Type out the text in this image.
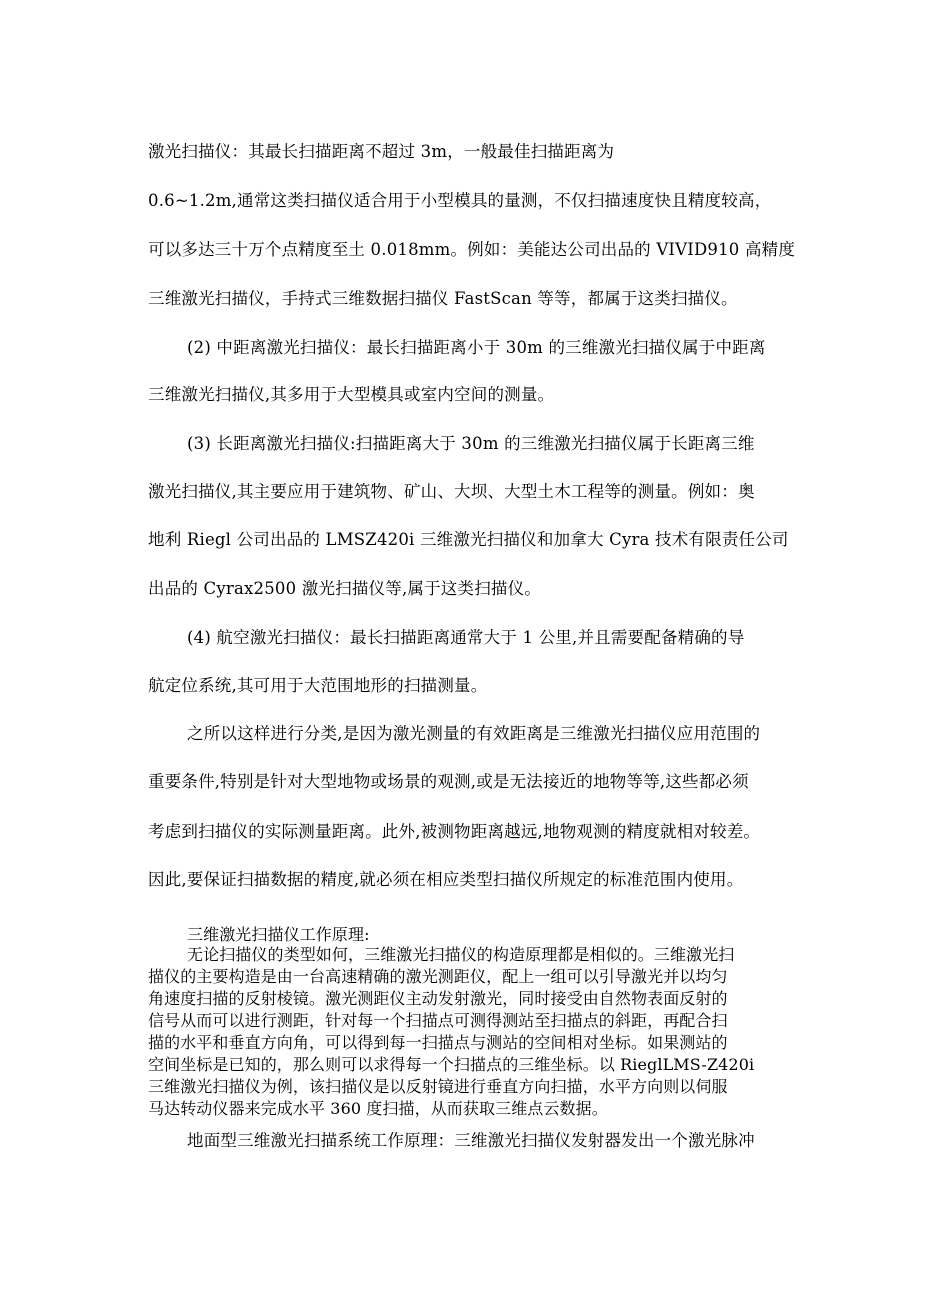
激光扫描仪：其最长扫描距离不超过 3m，一般最佳扫描距离为
0.6~1.2m,通常这类扫描仪适合用于小型模具的量测，不仅扫描速度快且精度较高，
可以多达三十万个点精度至土 0.018mm。例如：美能达公司出品的 VIVID910 高精度
三维激光扫描仪，手持式三维数据扫描仪 FastScan 等等，都属于这类扫描仪。
(2) 中距离激光扫描仪：最长扫描距离小于 30m 的三维激光扫描仪属于中距离
三维激光扫描仪,其多用于大型模具或室内空间的测量。
(3) 长距离激光扫描仪:扫描距离大于 30m 的三维激光扫描仪属于长距离三维
激光扫描仪,其主要应用于建筑物、矿山、大坝、大型土木工程等的测量。例如：奥
地利 Riegl 公司出品的 LMSZ420i 三维激光扫描仪和加拿大 Cyra 技术有限责任公司
出品的 Cyrax2500 激光扫描仪等,属于这类扫描仪。
(4) 航空激光扫描仪：最长扫描距离通常大于 1 公里,并且需要配备精确的导
航定位系统,其可用于大范围地形的扫描测量。
之所以这样进行分类,是因为激光测量的有效距离是三维激光扫描仪应用范围的
重要条件,特别是针对大型地物或场景的观测,或是无法接近的地物等等,这些都必须
考虑到扫描仪的实际测量距离。此外,被测物距离越远,地物观测的精度就相对较差。
因此,要保证扫描数据的精度,就必须在相应类型扫描仪所规定的标准范围内使用。
三维激光扫描仪工作原理:
无论扫描仪的类型如何，三维激光扫描仪的构造原理都是相似的。三维激光扫
描仪的主要构造是由一台高速精确的激光测距仪，配上一组可以引导激光并以均匀
角速度扫描的反射棱镜。激光测距仪主动发射激光，同时接受由自然物表面反射的
信号从而可以进行测距，针对每一个扫描点可测得测站至扫描点的斜距，再配合扫
描的水平和垂直方向角，可以得到每一扫描点与测站的空间相对坐标。如果测站的
空间坐标是已知的，那么则可以求得每一个扫描点的三维坐标。以 RieglLMS-Z420i
三维激光扫描仪为例，该扫描仪是以反射镜进行垂直方向扫描，水平方向则以伺服
马达转动仪器来完成水平 360 度扫描，从而获取三维点云数据。
地面型三维激光扫描系统工作原理：三维激光扫描仪发射器发出一个激光脉冲
